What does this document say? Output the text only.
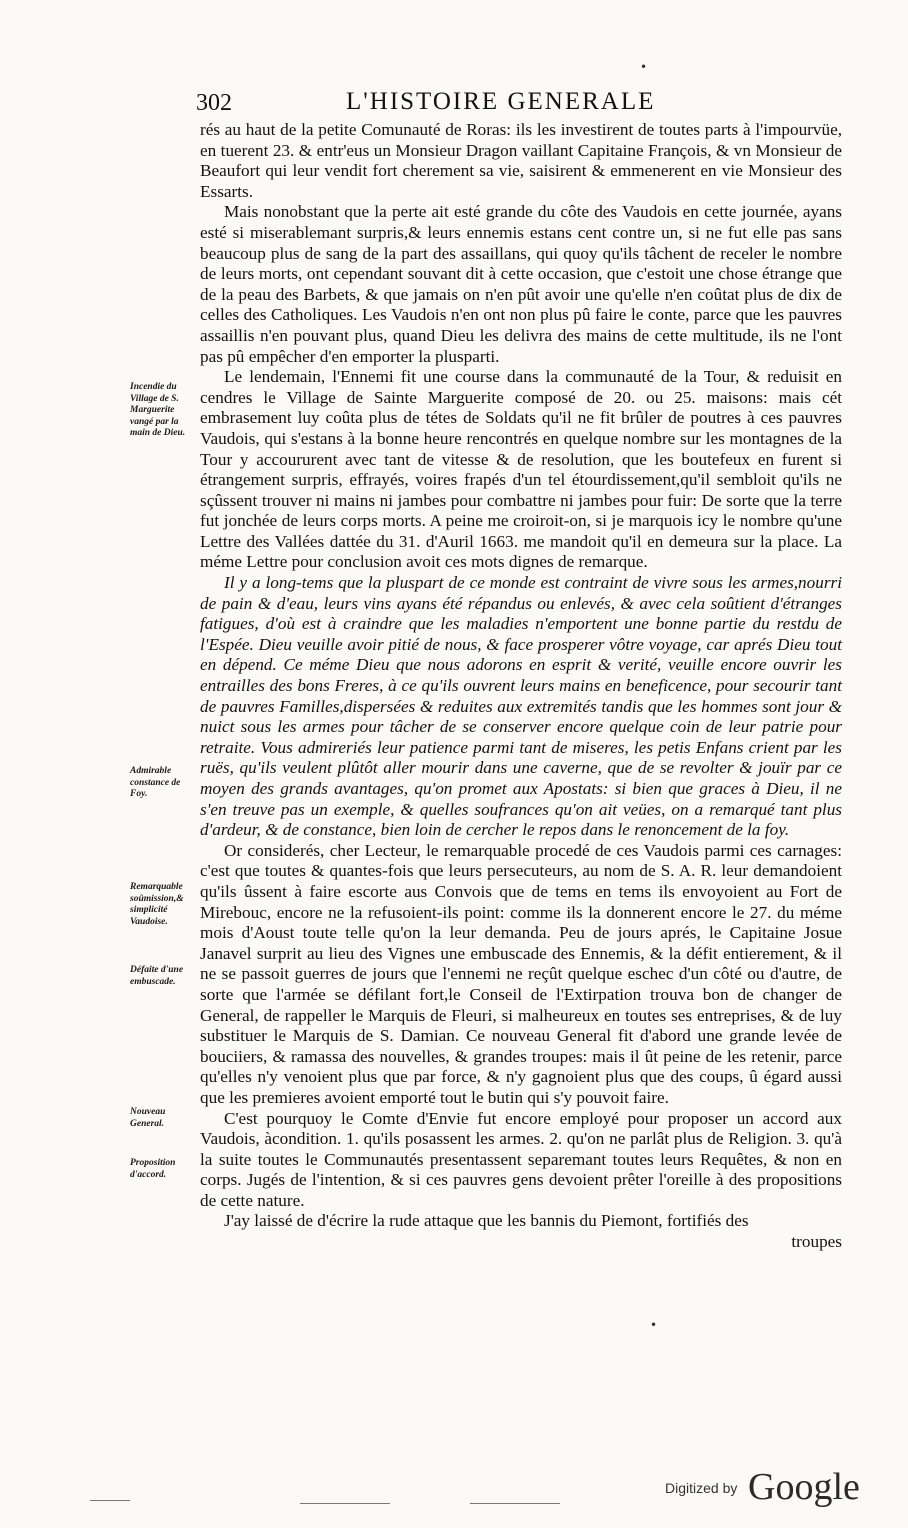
•
302	L'HISTOIRE GENERALE

rés au haut de la petite Comunauté de Roras: ils les investirent de toutes parts à l'impourvüe, en tuerent 23. & entr'eus un Monsieur Dragon vaillant Capitaine François, & vn Monsieur de Beaufort qui leur vendit fort cherement sa vie, saisirent & emmenerent en vie Monsieur des Essarts.

Mais nonobstant que la perte ait esté grande du côte des Vaudois en cette journée, ayans esté si miserablemant surpris,& leurs ennemis estans cent contre un, si ne fut elle pas sans beaucoup plus de sang de la part des assaillans, qui quoy qu'ils tâchent de receler le nombre de leurs morts, ont cependant souvant dit à cette occasion, que c'estoit une chose étrange que de la peau des Barbets, & que jamais on n'en pût avoir une qu'elle n'en coûtat plus de dix de celles des Catholiques. Les Vaudois n'en ont non plus pû faire le conte, parce que les pauvres assaillis n'en pouvant plus, quand Dieu les delivra des mains de cette multitude, ils ne l'ont pas pû empêcher d'en emporter la plusparti.

Le lendemain, l'Ennemi fit une course dans la communauté de la Tour, & reduisit en cendres le Village de Sainte Marguerite composé de 20. ou 25. maisons: mais cét embrasement luy coûta plus de tétes de Soldats qu'il ne fit brûler de poutres à ces pauvres Vaudois, qui s'estans à la bonne heure rencontrés en quelque nombre sur les montagnes de la Tour y accoururent avec tant de vitesse & de resolution, que les boutefeux en furent si étrangement surpris, effrayés, voires frapés d'un tel étourdissement,qu'il sembloit qu'ils ne sçûssent trouver ni mains ni jambes pour combattre ni jambes pour fuir: De sorte que la terre fut jonchée de leurs corps morts. A peine me croiroit-on, si je marquois icy le nombre qu'une Lettre des Vallées dattée du 31. d'Auril 1663. me mandoit qu'il en demeura sur la place. La méme Lettre pour conclusion avoit ces mots dignes de remarque.

Il y a long-tems que la pluspart de ce monde est contraint de vivre sous les armes,nourri de pain & d'eau, leurs vins ayans été répandus ou enlevés, & avec cela soûtient d'étranges fatigues, d'où est à craindre que les maladies n'emportent une bonne partie du restdu de l'Espée. Dieu veuille avoir pitié de nous, & face prosperer vôtre voyage, car aprés Dieu tout en dépend. Ce méme Dieu que nous adorons en esprit & verité, veuille encore ouvrir les entrailles des bons Freres, à ce qu'ils ouvrent leurs mains en beneficence, pour secourir tant de pauvres Familles,dispersées & reduites aux extremités tandis que les hommes sont jour & nuict sous les armes pour tâcher de se conserver encore quelque coin de leur patrie pour retraite. Vous admireriés leur patience parmi tant de miseres, les petis Enfans crient par les ruës, qu'ils veulent plûtôt aller mourir dans une caverne, que de se revolter & jouïr par ce moyen des grands avantages, qu'on promet aux Apostats: si bien que graces à Dieu, il ne s'en treuve pas un exemple, & quelles soufrances qu'on ait veües, on a remarqué tant plus d'ardeur, & de constance, bien loin de cercher le repos dans le renoncement de la foy.

Or considerés, cher Lecteur, le remarquable procedé de ces Vaudois parmi ces carnages: c'est que toutes & quantes-fois que leurs persecuteurs, au nom de S. A. R. leur demandoient qu'ils ûssent à faire escorte aus Convois que de tems en tems ils envoyoient au Fort de Mirebouc, encore ne la refusoient-ils point: comme ils la donnerent encore le 27. du méme mois d'Aoust toute telle qu'on la leur demanda. Peu de jours aprés, le Capitaine Josue Janavel surprit au lieu des Vignes une embuscade des Ennemis, & la défit entierement, & il ne se passoit guerres de jours que l'ennemi ne reçût quelque eschec d'un côté ou d'autre, de sorte que l'armée se défilant fort,le Conseil de l'Extirpation trouva bon de changer de General, de rappeller le Marquis de Fleuri, si malheureux en toutes ses entreprises, & de luy substituer le Marquis de S. Damian. Ce nouveau General fit d'abord une grande levée de bouciiers, & ramassa des nouvelles, & grandes troupes: mais il ût peine de les retenir, parce qu'elles n'y venoient plus que par force, & n'y gagnoient plus que des coups, û égard aussi que les premieres avoient emporté tout le butin qui s'y pouvoit faire.

C'est pourquoy le Comte d'Envie fut encore employé pour proposer un accord aux Vaudois, àcondition. 1. qu'ils posassent les armes. 2. qu'on ne parlât plus de Religion. 3. qu'à la suite toutes le Communautés presentassent separemant toutes leurs Requêtes, & non en corps. Jugés de l'intention, & si ces pauvres gens devoient prêter l'oreille à des propositions de cette nature.

J'ay laissé de d'écrire la rude attaque que les bannis du Piemont, fortifiés des

troupes

Incendie du Village de S. Marguerite vangé par la main de Dieu.
Admirable constance de Foy.
Remarquable soûmission,& simplicité Vaudoise.
Défaite d'une embuscade.
Nouveau General.
Proposition d'accord.
•
Digitized by Google
